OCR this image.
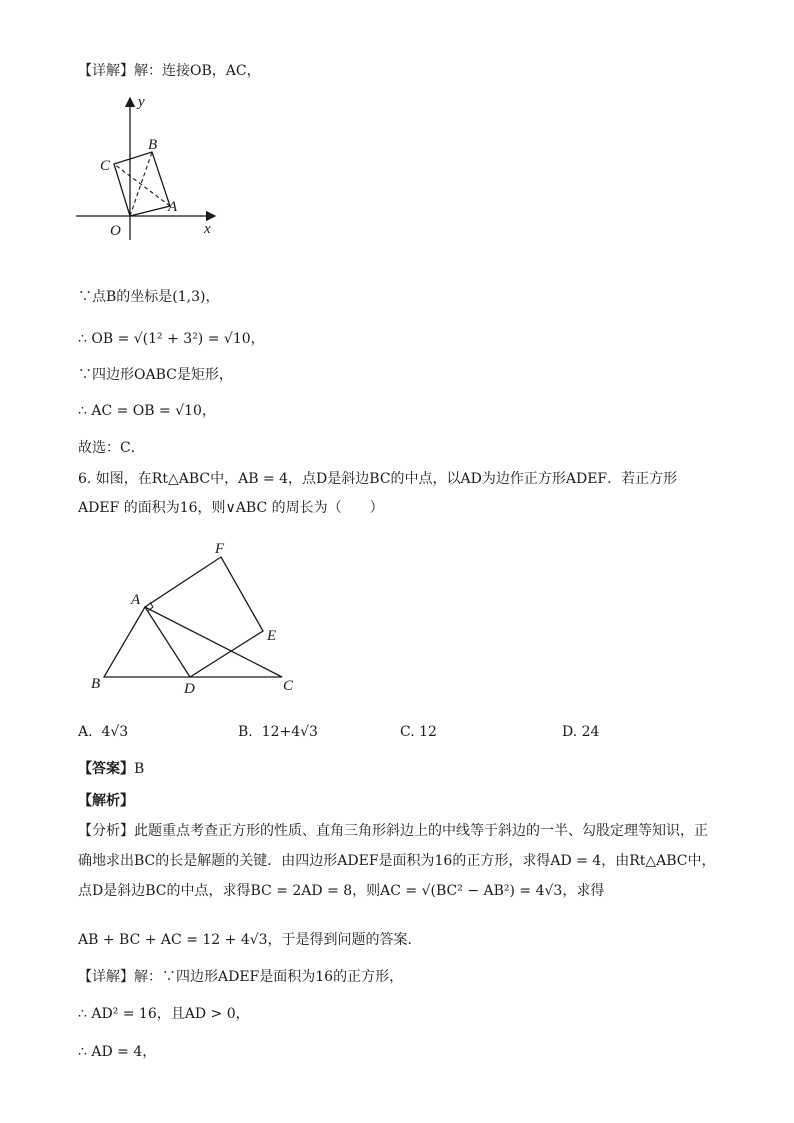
【详解】解：连接OB，AC，
y
x
O
A
B
C
∵点B的坐标是(1,3)，
∴ OB = √(1² + 3²) = √10，
∵四边形OABC是矩形，
∴ AC = OB = √10，
故选：C．
6. 如图，在Rt△ABC中，AB = 4，点D是斜边BC的中点，以AD为边作正方形ADEF．若正方形
ADEF 的面积为16，则∨ABC 的周长为（　　）
A
B	C
D
E
F
A. 4√3	B. 12+4√3	C. 12	D. 24
【答案】B
【解析】
【分析】此题重点考查正方形的性质、直角三角形斜边上的中线等于斜边的一半、勾股定理等知识，正确地求出BC的长是解题的关键．由四边形ADEF是面积为16的正方形，求得AD = 4，由Rt△ABC中，点D是斜边BC的中点，求得BC = 2AD = 8，则AC = √(BC² − AB²) = 4√3，求得
AB + BC + AC = 12 + 4√3，于是得到问题的答案．
【详解】解：∵四边形ADEF是面积为16的正方形，
∴ AD² = 16，且AD > 0，
∴ AD = 4，
